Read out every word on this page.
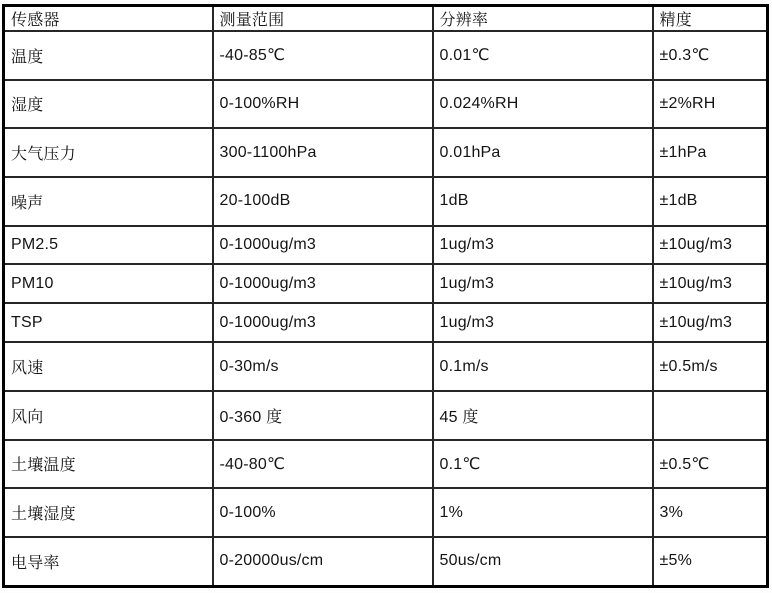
传感器	测量范围	分辨率	精度
温度	-40-85℃	0.01℃	±0.3℃
湿度	0-100%RH	0.024%RH	±2%RH
大气压力	300-1100hPa	0.01hPa	±1hPa
噪声	20-100dB	1dB	±1dB
PM2.5	0-1000ug/m3	1ug/m3	±10ug/m3
PM10	0-1000ug/m3	1ug/m3	±10ug/m3
TSP	0-1000ug/m3	1ug/m3	±10ug/m3
风速	0-30m/s	0.1m/s	±0.5m/s
风向	0-360 度	45 度	
土壤温度	-40-80℃	0.1℃	±0.5℃
土壤湿度	0-100%	1%	3%
电导率	0-20000us/cm	50us/cm	±5%
